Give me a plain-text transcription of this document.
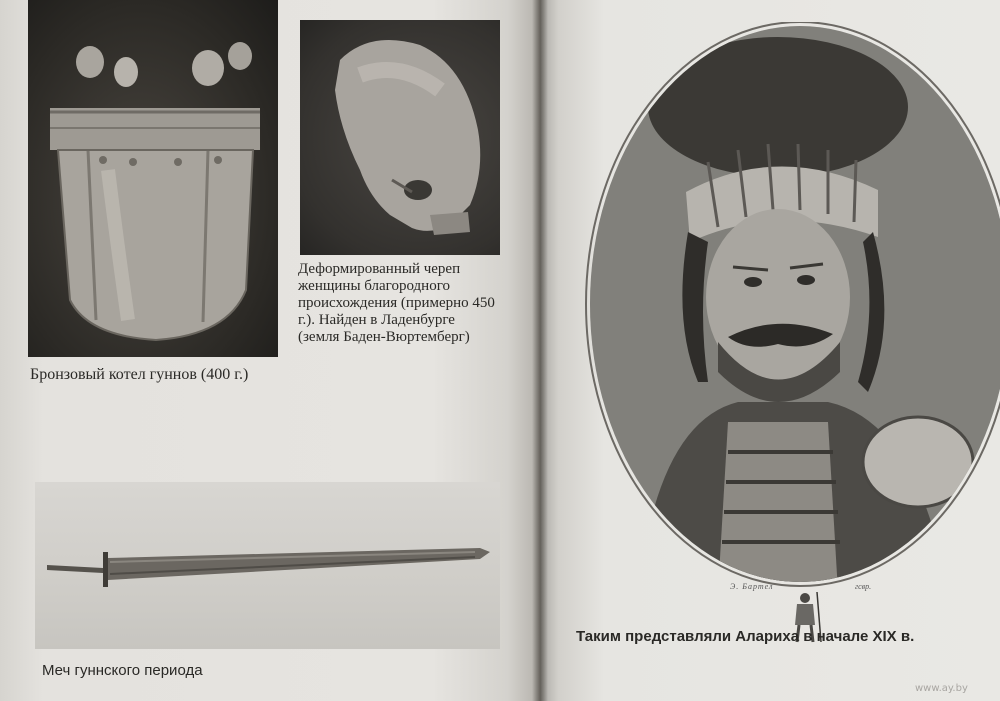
Деформированный череп женщины благородного происхождения (примерно 450 г.). Найден в Ладенбурге (земля Баден-Вюртемберг)

Бронзовый котел гуннов (400 г.)

Меч гуннского периода

Э. Бартел	гсвр.

Таким представляли Алариха в начале XIX в.

www.ay.by
